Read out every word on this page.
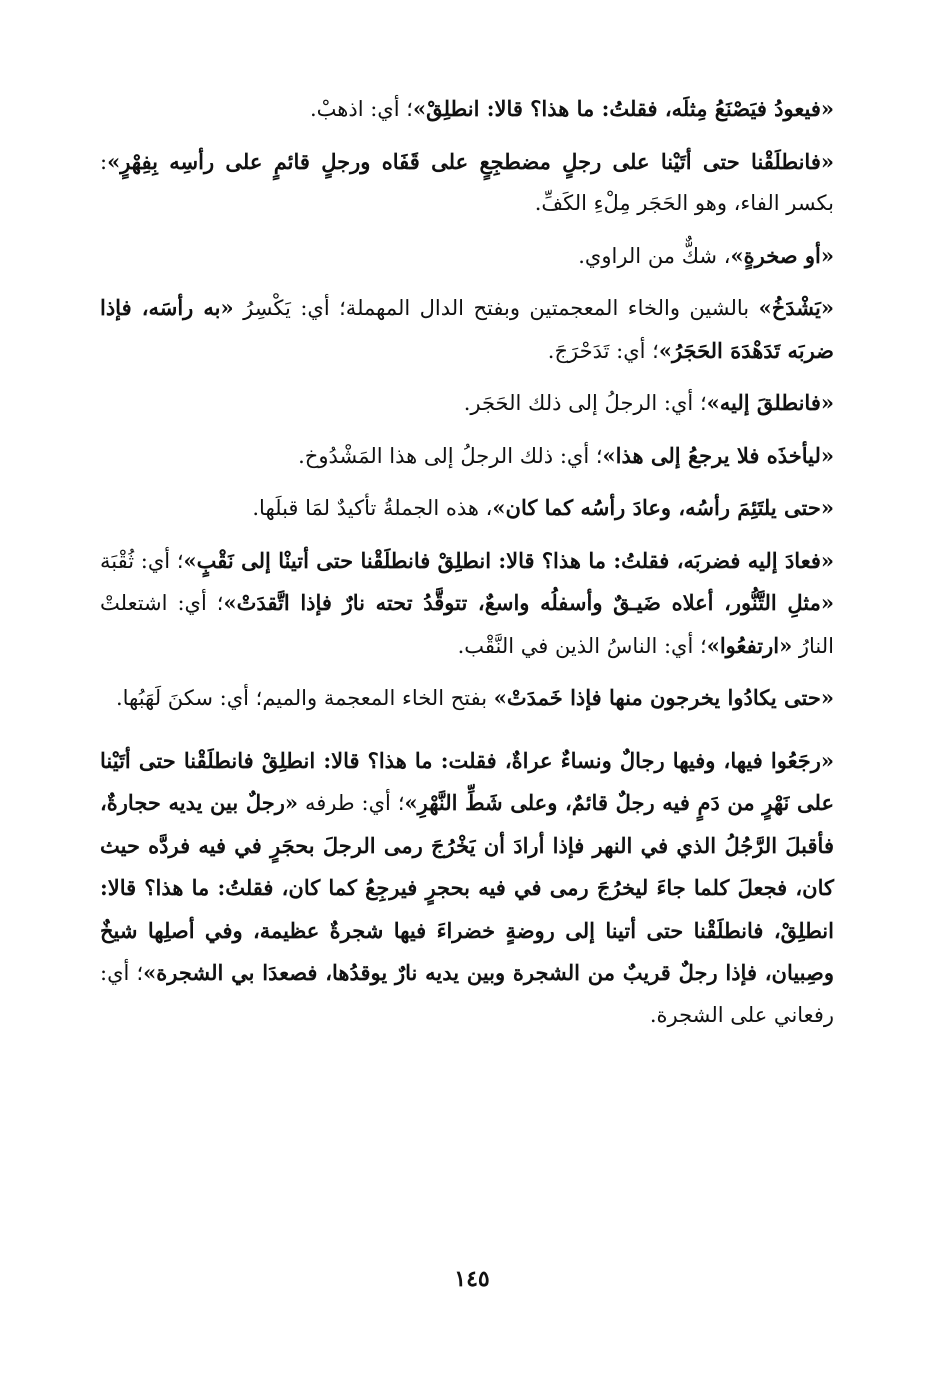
«فيعودُ فيَصْنَعُ مِثلَه، فقلتُ: ما هذا؟ قالا: انطلِقْ»؛ أي: اذهبْ.

«فانطلَقْنا حتى أتَيْنا على رجلٍ مضطجِعٍ على قَفَاه ورجلٍ قائمٍ على رأسِه بِفِهْرٍ»: بكسر الفاء، وهو الحَجَر مِلْءِ الكَفِّ.

«أو صخرةٍ»، شكٌّ من الراوي.

«يَشْدَخُ» بالشين والخاء المعجمتين وبفتح الدال المهملة؛ أي: يَكْسِرُ «به رأسَه، فإذا ضربَه تَدَهْدَهَ الحَجَرُ»؛ أي: تَدَحْرَجَ.

«فانطلقَ إليه»؛ أي: الرجلُ إلى ذلك الحَجَر.

«ليأخذَه فلا يرجعُ إلى هذا»؛ أي: ذلك الرجلُ إلى هذا المَشْدُوخ.

«حتى يلتَئِمَ رأسُه، وعادَ رأسُه كما كان»، هذه الجملةُ تأكيدٌ لمَا قبلَها.

«فعادَ إليه فضربَه، فقلتُ: ما هذا؟ قالا: انطلِقْ فانطلَقْنا حتى أتينْا إلى نَقْبٍ»؛ أي: ثُقْبَة «مثلِ التَّنُّور، أعلاه ضَيـقٌ وأسفلُه واسعٌ، تتوقَّدُ تحته نارٌ فإذا اتَّقدَتْ»؛ أي: اشتعلتْ النارُ «ارتفعُوا»؛ أي: الناسُ الذين في النَّقْب.

«حتى يكادُوا يخرجون منها فإذا خَمدَتْ» بفتح الخاء المعجمة والميم؛ أي: سكنَ لَهَبُها.

«رجَعُوا فيها، وفيها رجالٌ ونساءٌ عراةٌ، فقلت: ما هذا؟ قالا: انطلِقْ فانطلَقْنا حتى أتَيْنا على نَهْرٍ من دَمٍ فيه رجلٌ قائمٌ، وعلى شَطِّ النَّهْرِ»؛ أي: طرفه «رجلٌ بين يديه حجارةٌ، فأقبلَ الرَّجُلُ الذي في النهر فإذا أرادَ أن يَخْرُجَ رمى الرجلَ بحجَرٍ في فيه فردَّه حيث كان، فجعلَ كلما جاءَ ليخرُجَ رمى في فيه بحجرٍ فيرجِعُ كما كان، فقلتُ: ما هذا؟ قالا: انطلِقْ، فانطلَقْنا حتى أتينا إلى روضةٍ خضراءَ فيها شجرةٌ عظيمة، وفي أصلِها شيخٌ وصِبيان، فإذا رجلٌ قريبٌ من الشجرة وبين يديه نارٌ يوقدُها، فصعدَا بي الشجرة»؛ أي: رفعاني على الشجرة.

١٤٥
